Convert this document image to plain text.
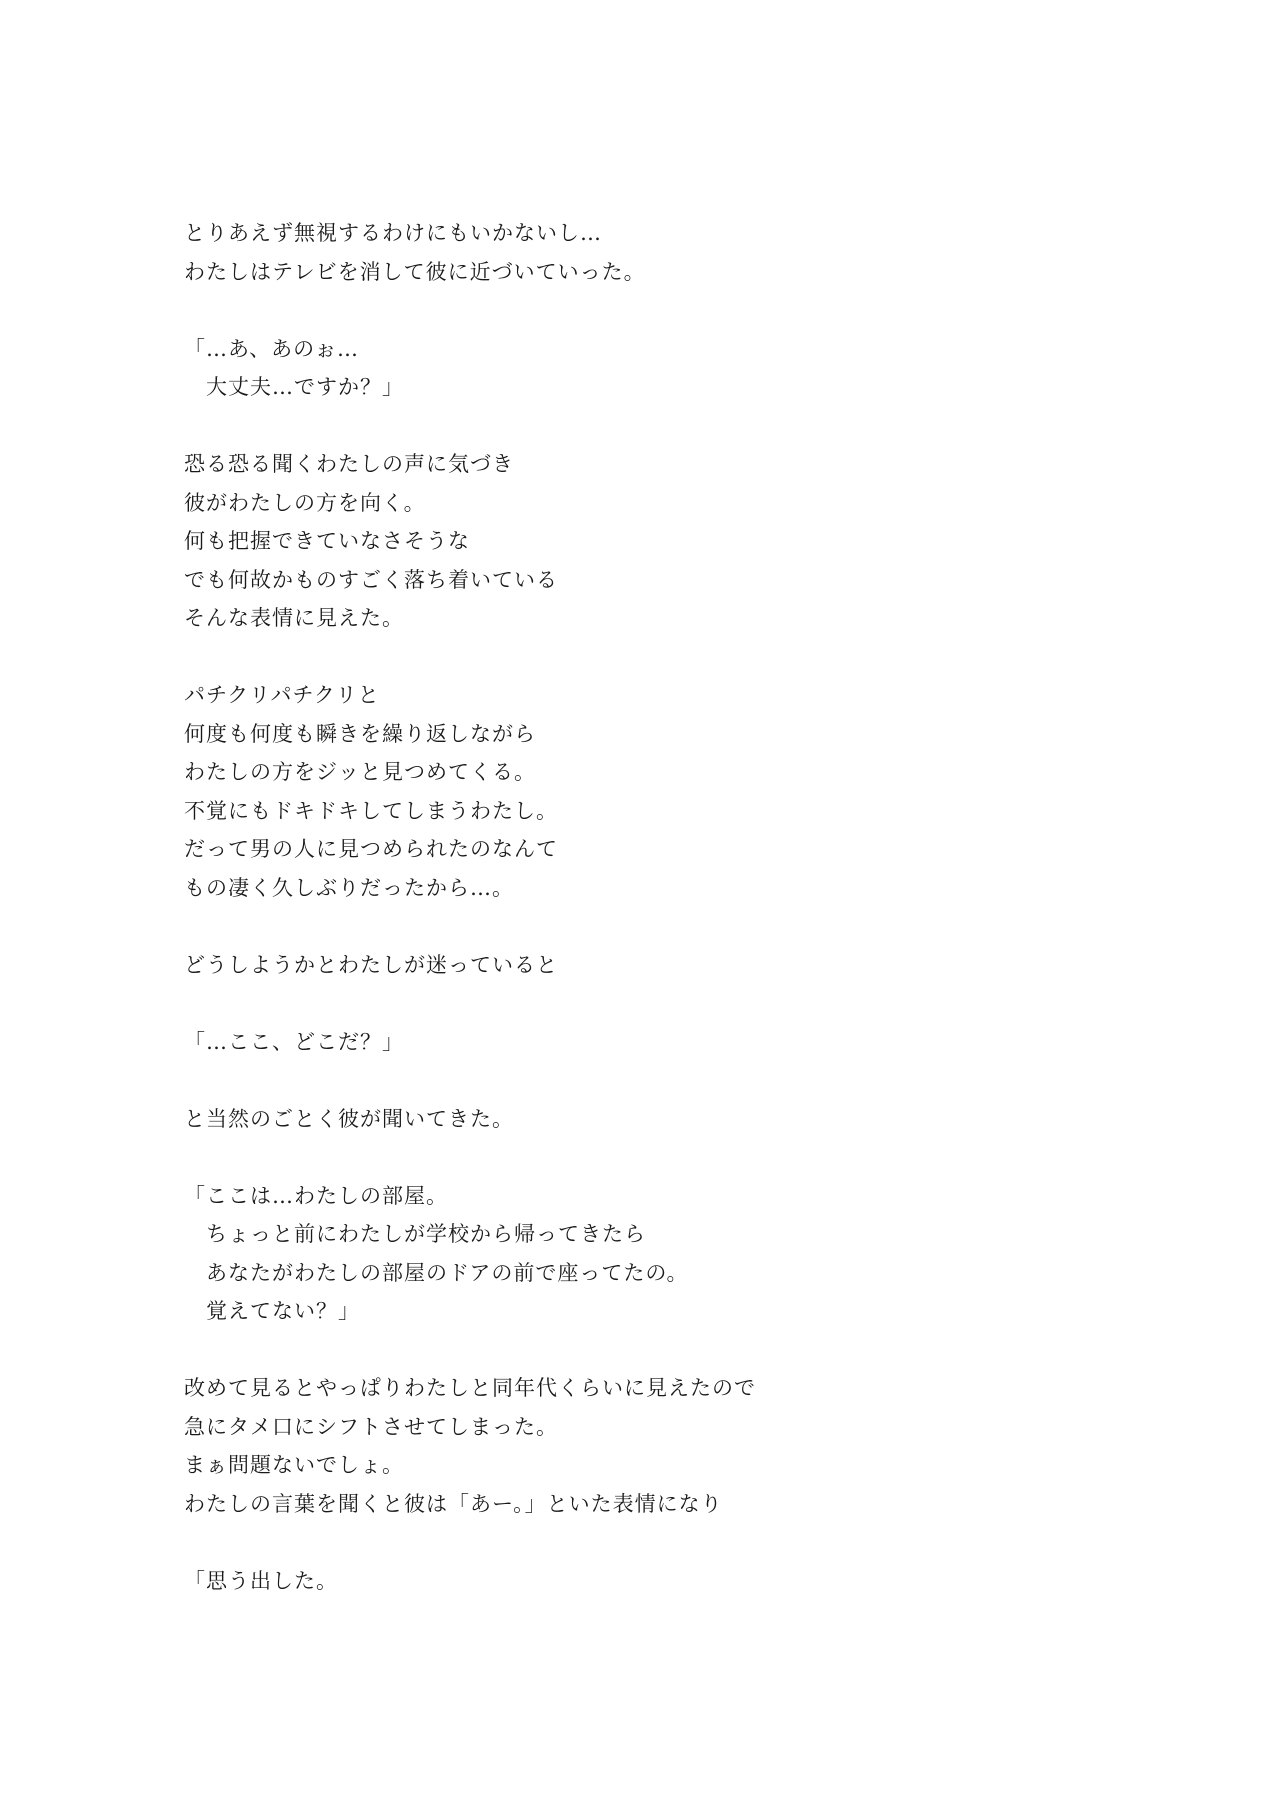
とりあえず無視するわけにもいかないし…
わたしはテレビを消して彼に近づいていった。
「…あ、あのぉ…
　大丈夫…ですか？」
恐る恐る聞くわたしの声に気づき
彼がわたしの方を向く。
何も把握できていなさそうな
でも何故かものすごく落ち着いている
そんな表情に見えた。
パチクリパチクリと
何度も何度も瞬きを繰り返しながら
わたしの方をジッと見つめてくる。
不覚にもドキドキしてしまうわたし。
だって男の人に見つめられたのなんて
もの凄く久しぶりだったから…。
どうしようかとわたしが迷っていると
「…ここ、どこだ？」
と当然のごとく彼が聞いてきた。
「ここは…わたしの部屋。
　ちょっと前にわたしが学校から帰ってきたら
　あなたがわたしの部屋のドアの前で座ってたの。
　覚えてない？」
改めて見るとやっぱりわたしと同年代くらいに見えたので
急にタメ口にシフトさせてしまった。
まぁ問題ないでしょ。
わたしの言葉を聞くと彼は「あー。」といた表情になり
「思う出した。
